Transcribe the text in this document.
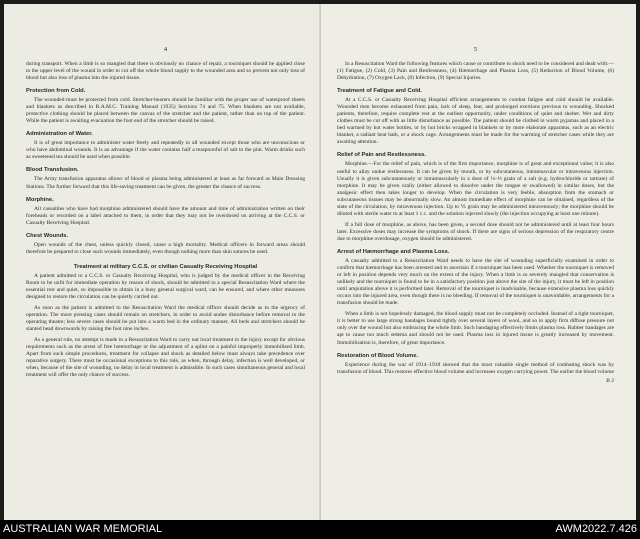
4

during transport. When a limb is so mangled that there is obviously no chance of repair, a tourniquet should be applied close to the upper level of the wound in order to cut off the whole blood supply to the wounded area and so prevent not only loss of blood but also loss of plasma into the injured tissue.

Protection from Cold.

The wounded must be protected from cold. Stretcher-bearers should be familiar with the proper use of waterproof sheets and blankets as described in R.A.M.C. Training Manual (1935) Sections 74 and 75. When blankets are not available, protective clothing should be placed between the canvas of the stretcher and the patient, rather than on top of the patient. While the patient is awaiting evacuation the foot end of the stretcher should be raised.

Administration of Water.

It is of great importance to administer water freely and repeatedly to all wounded except those who are unconscious or who have abdominal wounds. It is an advantage if the water contains half a teaspoonful of salt to the pint. Warm drinks such as sweetened tea should be used when possible.

Blood Transfusion.

The Army transfusion apparatus allows of blood or plasma being administered at least as far forward as Main Dressing Stations. The further forward that this life-saving treatment can be given, the greater the chance of success.

Morphine.

All casualties who have had morphine administered should have the amount and time of administration written on their foreheads or recorded on a label attached to them, in order that they may not be overdosed on arriving at the C.C.S. or Casualty Receiving Hospital.

Chest Wounds.

Open wounds of the chest, unless quickly closed, cause a high mortality. Medical officers in forward areas should therefore be prepared to close such wounds immediately, even though nothing more than skin sutures be used.

Treatment at military C.C.S. or civilian Casualty Receiving Hospital

A patient admitted to a C.C.S. or Casualty Receiving Hospital, who is judged by the medical officer in the Receiving Room to be unfit for immediate operation by reason of shock, should be admitted to a special Resuscitation Ward where the essential rest and quiet, so impossible to obtain in a busy general surgical ward, can be ensured, and where other measures designed to restore the circulation can be quietly carried out.

As soon as the patient is admitted to the Resuscitation Ward the medical officer should decide as to the urgency of operation. The more pressing cases should remain on stretchers, in order to avoid undue disturbance before removal to the operating theatre; less severe cases should be put into a warm bed in the ordinary manner. All beds and stretchers should be slanted head downwards by raising the foot nine inches.

As a general rule, no attempt is made in a Resuscitation Ward to carry out local treatment to the injury except for obvious requirements such as the arrest of free hæmorrhage or the adjustment of a splint on a painful improperly immobilised limb. Apart from such simple procedures, treatment for collapse and shock as detailed below must always take precedence over reparative surgery. There must be occasional exceptions to this rule, as when, through delay, infection is well developed, or when, because of the site of wounding, no delay in local treatment is admissible. In such cases simultaneous general and local treatment will offer the only chance of success.

5

In a Resuscitation Ward the following features which cause or contribute to shock need to be considered and dealt with:—(1) Fatigue, (2) Cold, (3) Pain and Restlessness, (4) Hæmorrhage and Plasma Loss, (5) Reduction of Blood Volume, (6) Dehydration, (7) Oxygen Lack, (8) Infection, (9) Special Injuries.

Treatment of Fatigue and Cold.

At a C.C.S. or Casualty Receiving Hospital efficient arrangements to combat fatigue and cold should be available. Wounded men become exhausted from pain, lack of sleep, fear, and prolonged exertions previous to wounding. Shocked patients, therefore, require complete rest at the earliest opportunity, under conditions of quiet and shelter. Wet and dirty clothes must be cut off with as little disturbance as possible. The patient should be clothed in warm pyjamas and placed in a bed warmed by hot water bottles, or by hot bricks wrapped in blankets or by more elaborate apparatus, such as an electric blanket, a radiant heat bath, or a shock cage. Arrangements must be made for the warming of stretcher cases while they are awaiting attention.

Relief of Pain and Restlessness.

Morphine.—For the relief of pain, which is of the first importance, morphine is of great and exceptional value; it is also useful to allay undue restlessness. It can be given by mouth, or by subcutaneous, intramuscular or intravenous injection. Usually it is given subcutaneously or intramuscularly in a dose of ¼–⅓ grain of a salt (e.g. hydrochloride or tartrate) of morphine. It may be given orally (either allowed to dissolve under the tongue or swallowed) in similar doses, but the analgesic effect then takes longer to develop. When the circulation is very feeble, absorption from the stomach or subcutaneous tissues may be abnormally slow. An almost immediate effect of morphine can be obtained, regardless of the state of the circulation, by intravenous injection. Up to ⅙ grain may be administered intravenously; the morphine should be diluted with sterile water to at least 1 c.c. and the solution injected slowly (the injection occupying at least one minute).

If a full dose of morphine, as above, has been given, a second dose should not be administered until at least four hours later. Excessive doses may increase the symptoms of shock. If there are signs of serious depression of the respiratory centre due to morphine overdosage, oxygen should be administered.

Arrest of Hæmorrhage and Plasma Loss.

A casualty admitted to a Resuscitation Ward needs to have the site of wounding superficially examined in order to confirm that hæmorrhage has been arrested and to ascertain if a tourniquet has been used. Whether the tourniquet is removed or left in position depends very much on the extent of the injury. When a limb is so severely mangled that conservation is unlikely and the tourniquet is found to be in a satisfactory position just above the site of the injury, it must be left in position until amputation above it is performed later. Removal of the tourniquet is inadvisable, because extensive plasma loss quickly occurs into the injured area, even though there is no bleeding. If removal of the tourniquet is unavoidable, arrangements for a transfusion should be made.

When a limb is not hopelessly damaged, the blood supply must not be completely occluded. Instead of a tight tourniquet, it is better to use large strong bandages bound tightly over several layers of wool, and so to apply firm diffuse pressure not only over the wound but also embracing the whole limb. Such bandaging effectively limits plasma loss. Rubber bandages are apt to cause too much œdema and should not be used. Plasma loss in injured tissue is greatly increased by movement. Immobilisation is, therefore, of great importance.

Restoration of Blood Volume.

Experience during the war of 1914–1918 showed that the most valuable single method of combating shock was by transfusion of blood. This restores effective blood volume and increases oxygen carrying power. The earlier the blood volume

B 2
AUSTRALIAN WAR MEMORIAL	AWM2022.7.426
